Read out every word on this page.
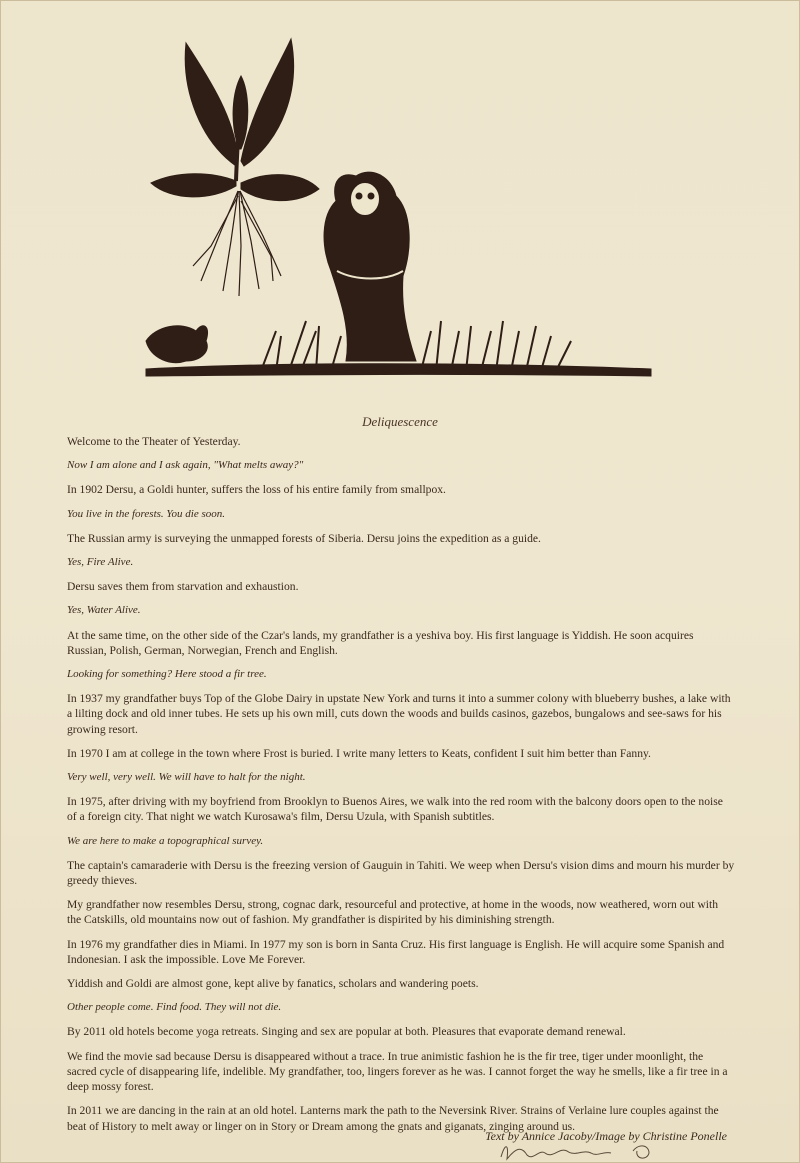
Deliquescence

Welcome to the Theater of Yesterday.

Now I am alone and I ask again, "What melts away?"

In 1902 Dersu, a Goldi hunter, suffers the loss of his entire family from smallpox.

You live in the forests. You die soon.

The Russian army is surveying the unmapped forests of Siberia. Dersu joins the expedition as a guide.

Yes, Fire Alive.

Dersu saves them from starvation and exhaustion.

Yes, Water Alive.

At the same time, on the other side of the Czar's lands, my grandfather is a yeshiva boy. His first language is Yiddish. He soon acquires Russian, Polish, German, Norwegian, French and English.

Looking for something? Here stood a fir tree.

In 1937 my grandfather buys Top of the Globe Dairy in upstate New York and turns it into a summer colony with blueberry bushes, a lake with a lilting dock and old inner tubes. He sets up his own mill, cuts down the woods and builds casinos, gazebos, bungalows and see-saws for his growing resort.

In 1970 I am at college in the town where Frost is buried. I write many letters to Keats, confident I suit him better than Fanny.

Very well, very well. We will have to halt for the night.

In 1975, after driving with my boyfriend from Brooklyn to Buenos Aires, we walk into the red room with the balcony doors open to the noise of a foreign city. That night we watch Kurosawa's film, Dersu Uzula, with Spanish subtitles.

We are here to make a topographical survey.

The captain's camaraderie with Dersu is the freezing version of Gauguin in Tahiti. We weep when Dersu's vision dims and mourn his murder by greedy thieves.

My grandfather now resembles Dersu, strong, cognac dark, resourceful and protective, at home in the woods, now weathered, worn out with the Catskills, old mountains now out of fashion. My grandfather is dispirited by his diminishing strength.

In 1976 my grandfather dies in Miami. In 1977 my son is born in Santa Cruz. His first language is English. He will acquire some Spanish and Indonesian. I ask the impossible. Love Me Forever.

Yiddish and Goldi are almost gone, kept alive by fanatics, scholars and wandering poets.

Other people come. Find food. They will not die.

By 2011 old hotels become yoga retreats. Singing and sex are popular at both. Pleasures that evaporate demand renewal.

We find the movie sad because Dersu is disappeared without a trace. In true animistic fashion he is the fir tree, tiger under moonlight, the sacred cycle of disappearing life, indelible. My grandfather, too, lingers forever as he was. I cannot forget the way he smells, like a fir tree in a deep mossy forest.

In 2011 we are dancing in the rain at an old hotel. Lanterns mark the path to the Neversink River. Strains of Verlaine lure couples against the beat of History to melt away or linger on in Story or Dream among the gnats and giganats, zinging around us.

Text by Annice Jacoby/Image by Christine Ponelle
